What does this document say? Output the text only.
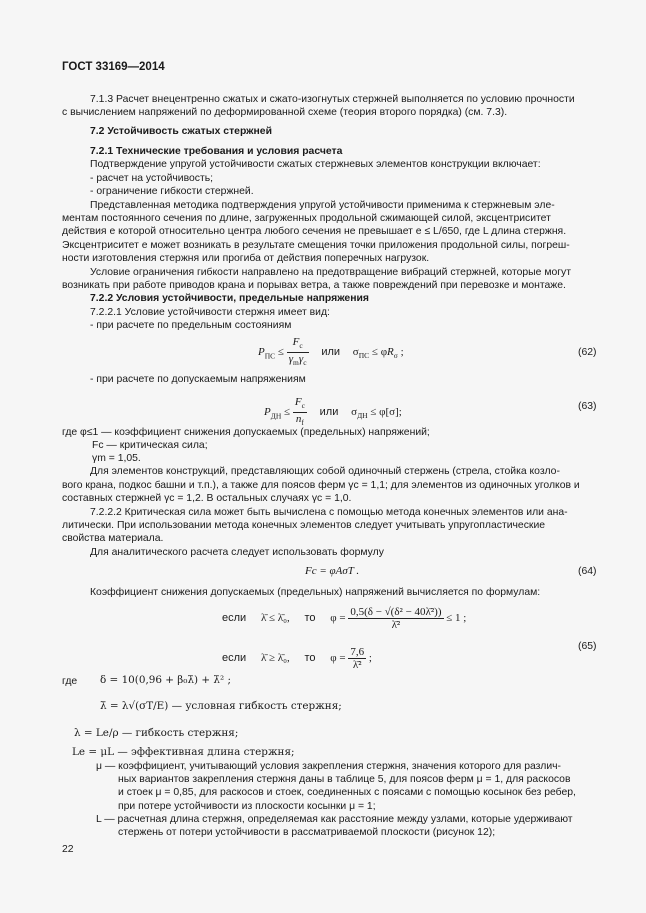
ГОСТ 33169—2014
7.1.3 Расчет внецентренно сжатых и сжато-изогнутых стержней выполняется по условию прочности
с вычислением напряжений по деформированной схеме (теория второго порядка) (см. 7.3).
7.2 Устойчивость сжатых стержней
7.2.1 Технические требования и условия расчета
Подтверждение упругой устойчивости сжатых стержневых элементов конструкции включает:
- расчет на устойчивость;
- ограничение гибкости стержней.
Представленная методика подтверждения упругой устойчивости применима к стержневым эле-
ментам постоянного сечения по длине, загруженных продольной сжимающей силой, эксцентриситет
действия e которой относительно центра любого сечения не превышает e ≤ L/650, где L длина стержня.
Эксцентриситет e может возникать в результате смещения точки приложения продольной силы, погреш-
ности изготовления стержня или прогиба от действия поперечных нагрузок.
Условие ограничения гибкости направлено на предотвращение вибраций стержней, которые могут
возникать при работе приводов крана и порывах ветра, а также повреждений при перевозке и монтаже.
7.2.2 Условия устойчивости, предельные напряжения
7.2.2.1 Условие устойчивости стержня имеет вид:
- при расчете по предельным состояниям
$P_{ПС} \le \frac{F_c}{\gamma_m\gamma_c}$ или $\sigma_{ПС} \le \varphi R_\sigma$ ;	(62)
- при расчете по допускаемым напряжениям
$P_{ДН} \le \frac{F_c}{n_f}$ или $\sigma_{ДН} \le \varphi[\sigma]$;	(63)
где φ≤1 — коэффициент снижения допускаемых (предельных) напряжений;
Fc — критическая сила;
γm = 1,05.
Для элементов конструкций, представляющих собой одиночный стержень (стрела, стойка козло-
вого крана, подкос башни и т.п.), а также для поясов ферм γc = 1,1; для элементов из одиночных уголков и
составных стержней γc = 1,2. В остальных случаях γc = 1,0.
7.2.2.2 Критическая сила может быть вычислена с помощью метода конечных элементов или ана-
литически. При использовании метода конечных элементов следует учитывать упругопластические
свойства материала.
Для аналитического расчета следует использовать формулу
Fc = φAσT .	(64)
Коэффициент снижения допускаемых (предельных) напряжений вычисляется по формулам:
если λ̄ ≤ λ̄₀, то $\varphi = \frac{\text{0,5(δ − √(δ² − 40λ̄²))}}{\text{λ̄²}} \le 1$ ;
(65)
если λ̄ ≥ λ̄₀, то $\varphi = \frac{7,6}{\text{λ̄²}}$ ;
где δ = 10(0,96 + β₀λ̄) + λ̄² ;
λ̄ = λ√(σT/E) — условная гибкость стержня;
λ = Le/ρ — гибкость стержня;
Le = μL — эффективная длина стержня;
μ — коэффициент, учитывающий условия закрепления стержня, значения которого для различ-
ных вариантов закрепления стержня даны в таблице 5, для поясов ферм μ = 1, для раскосов
и стоек μ = 0,85, для раскосов и стоек, соединенных с поясами с помощью косынок без ребер,
при потере устойчивости из плоскости косынки μ = 1;
L — расчетная длина стержня, определяемая как расстояние между узлами, которые удерживают
стержень от потери устойчивости в рассматриваемой плоскости (рисунок 12);
22
